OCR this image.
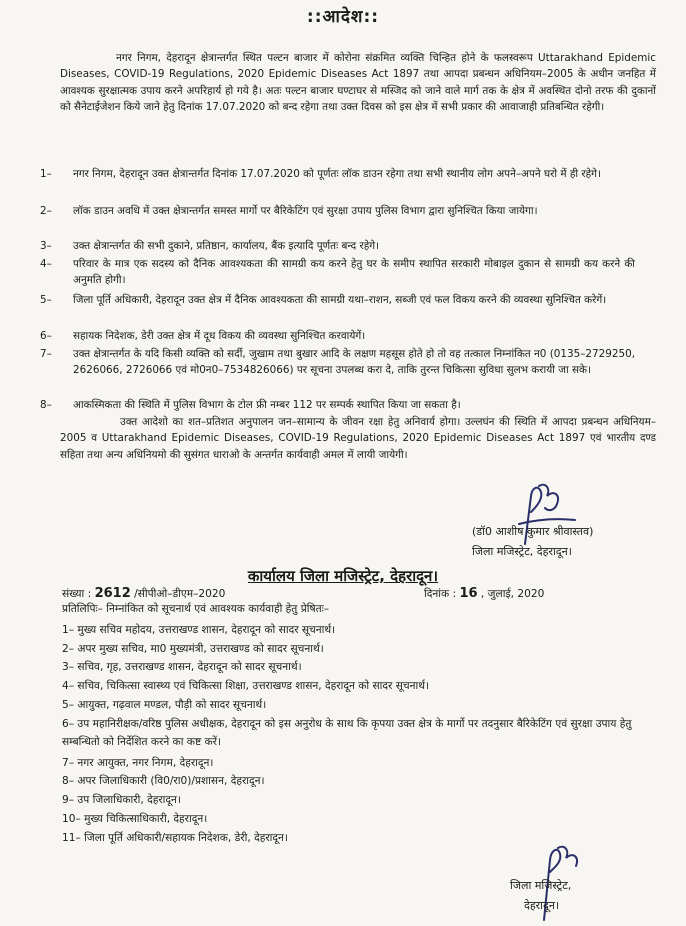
::आदेश::

नगर निगम, देहरादून क्षेत्रान्तर्गत स्थित पल्टन बाजार में कोरोना संक्रमित व्यक्ति चिन्हित होने के फलस्वरूप Uttarakhand Epidemic Diseases, COVID-19 Regulations, 2020 Epidemic Diseases Act 1897 तथा आपदा प्रबन्धन अधिनियम–2005 के अधीन जनहित में आवश्यक सुरक्षात्मक उपाय करने अपरिहार्य हो गये है। अतः पल्टन बाजार घण्टाघर से मस्जिद को जाने वाले मार्ग तक के क्षेत्र में अवस्थित दोनो तरफ की दुकानों को सैनेटाईजेशन किये जाने हेतु दिनांक 17.07.2020 को बन्द रहेगा तथा उक्त दिवस को इस क्षेत्र में सभी प्रकार की आवाजाही प्रतिबन्धित रहेगी।

1–	नगर निगम, देहरादून उक्त क्षेत्रान्तर्गत दिनांक 17.07.2020 को पूर्णतः लॉक डाउन रहेगा तथा सभी स्थानीय लोग अपने–अपने घरो में ही रहेगे।
2–	लॉक डाउन अवधि में उक्त क्षेत्रान्तर्गत समस्त मार्गो पर बैरिकेटिंग एवं सुरक्षा उपाय पुलिस विभाग द्वारा सुनिश्चित किया जायेगा।
3–	उक्त क्षेत्रान्तर्गत की सभी दुकाने, प्रतिष्ठान, कार्यालय, बैंक इत्यादि पूर्णतः बन्द रहेगे।
4–	परिवार के मात्र एक सदस्य को दैनिक आवश्यकता की सामग्री कय करने हेतु घर के समीप स्थापित सरकारी मोबाइल दुकान से सामग्री कय करने की अनुमति होगी।
5–	जिला पूर्ति अधिकारी, देहरादून उक्त क्षेत्र में दैनिक आवश्यकता की सामग्री यथा–राशन, सब्जी एवं फल विकय करने की व्यवस्था सुनिश्चित करेगें।
6–	सहायक निदेशक, डेरी उक्त क्षेत्र में दूध विकय की व्यवस्था सुनिश्चित करवायेगें।
7–	उक्त क्षेत्रान्तर्गत के यदि किसी व्यक्ति को सर्दी, जुखाम तथा बुखार आदि के लक्षण महसूस होते हो तो वह तत्काल निम्नांकित न0 (0135–2729250, 2626066, 2726066 एवं मो0न0–7534826066) पर सूचना उपलब्ध करा दे, ताकि तुरन्त चिकित्सा सुविधा सुलभ करायी जा सके।
8–	आकस्मिकता की स्थिति में पुलिस विभाग के टोल फ्री नम्बर 112 पर सम्पर्क स्थापित किया जा सकता है।

उक्त आदेशो का शत–प्रतिशत अनुपालन जन–सामान्य के जीवन रक्षा हेतु अनिवार्य होगा। उल्लघंन की स्थिति में आपदा प्रबन्धन अधिनियम– 2005 व Uttarakhand Epidemic Diseases, COVID-19 Regulations, 2020 Epidemic Diseases Act 1897 एवं भारतीय दण्ड सहिता तथा अन्य अधिनियमो की सुसंगत धाराओ के अन्तर्गत कार्यवाही अमल में लायी जायेगी।

(डॉ0 आशीष कुमार श्रीवास्तव)
जिला मजिस्ट्रेट, देहरादून।
कार्यालय जिला मजिस्ट्रेट, देहरादून।
संख्या : 2612 /सीपीओ–डीएम–2020	दिनांक : 16 , जुलाई, 2020
प्रतिलिपिः– निम्नांकित को सूचनार्थ एवं आवश्यक कार्यवाही हेतु प्रेषितः–
1– मुख्य सचिव महोदय, उत्तराखण्ड शासन, देहरादून को सादर सूचनार्थ।
2– अपर मुख्य सचिव, मा0 मुख्यमंत्री, उत्तराखण्ड को सादर सूचनार्थ।
3– सचिव, गृह, उत्तराखण्ड शासन, देहरादून को सादर सूचनार्थ।
4– सचिव, चिकित्सा स्वास्थ्य एवं चिकित्सा शिक्षा, उत्तराखण्ड शासन, देहरादून को सादर सूचनार्थ।
5– आयुक्त, गढ़वाल मण्डल, पौड़ी को सादर सूचनार्थ।
6– उप महानिरीक्षक/वरिष्ठ पुलिस अधीक्षक, देहरादून को इस अनुरोध के साथ कि कृपया उक्त क्षेत्र के मार्गो पर तदनुसार बैरिकेटिंग एवं सुरक्षा उपाय हेतु सम्बन्धितो को निर्देशित करने का कष्ट करें।
7– नगर आयुक्त, नगर निगम, देहरादून।
8– अपर जिलाधिकारी (वि0/रा0)/प्रशासन, देहरादून।
9– उप जिलाधिकारी, देहरादून।
10– मुख्य चिकित्साधिकारी, देहरादून।
11– जिला पूर्ति अधिकारी/सहायक निदेशक, डेरी, देहरादून।
जिला मजिस्ट्रेट,
देहरादून।
